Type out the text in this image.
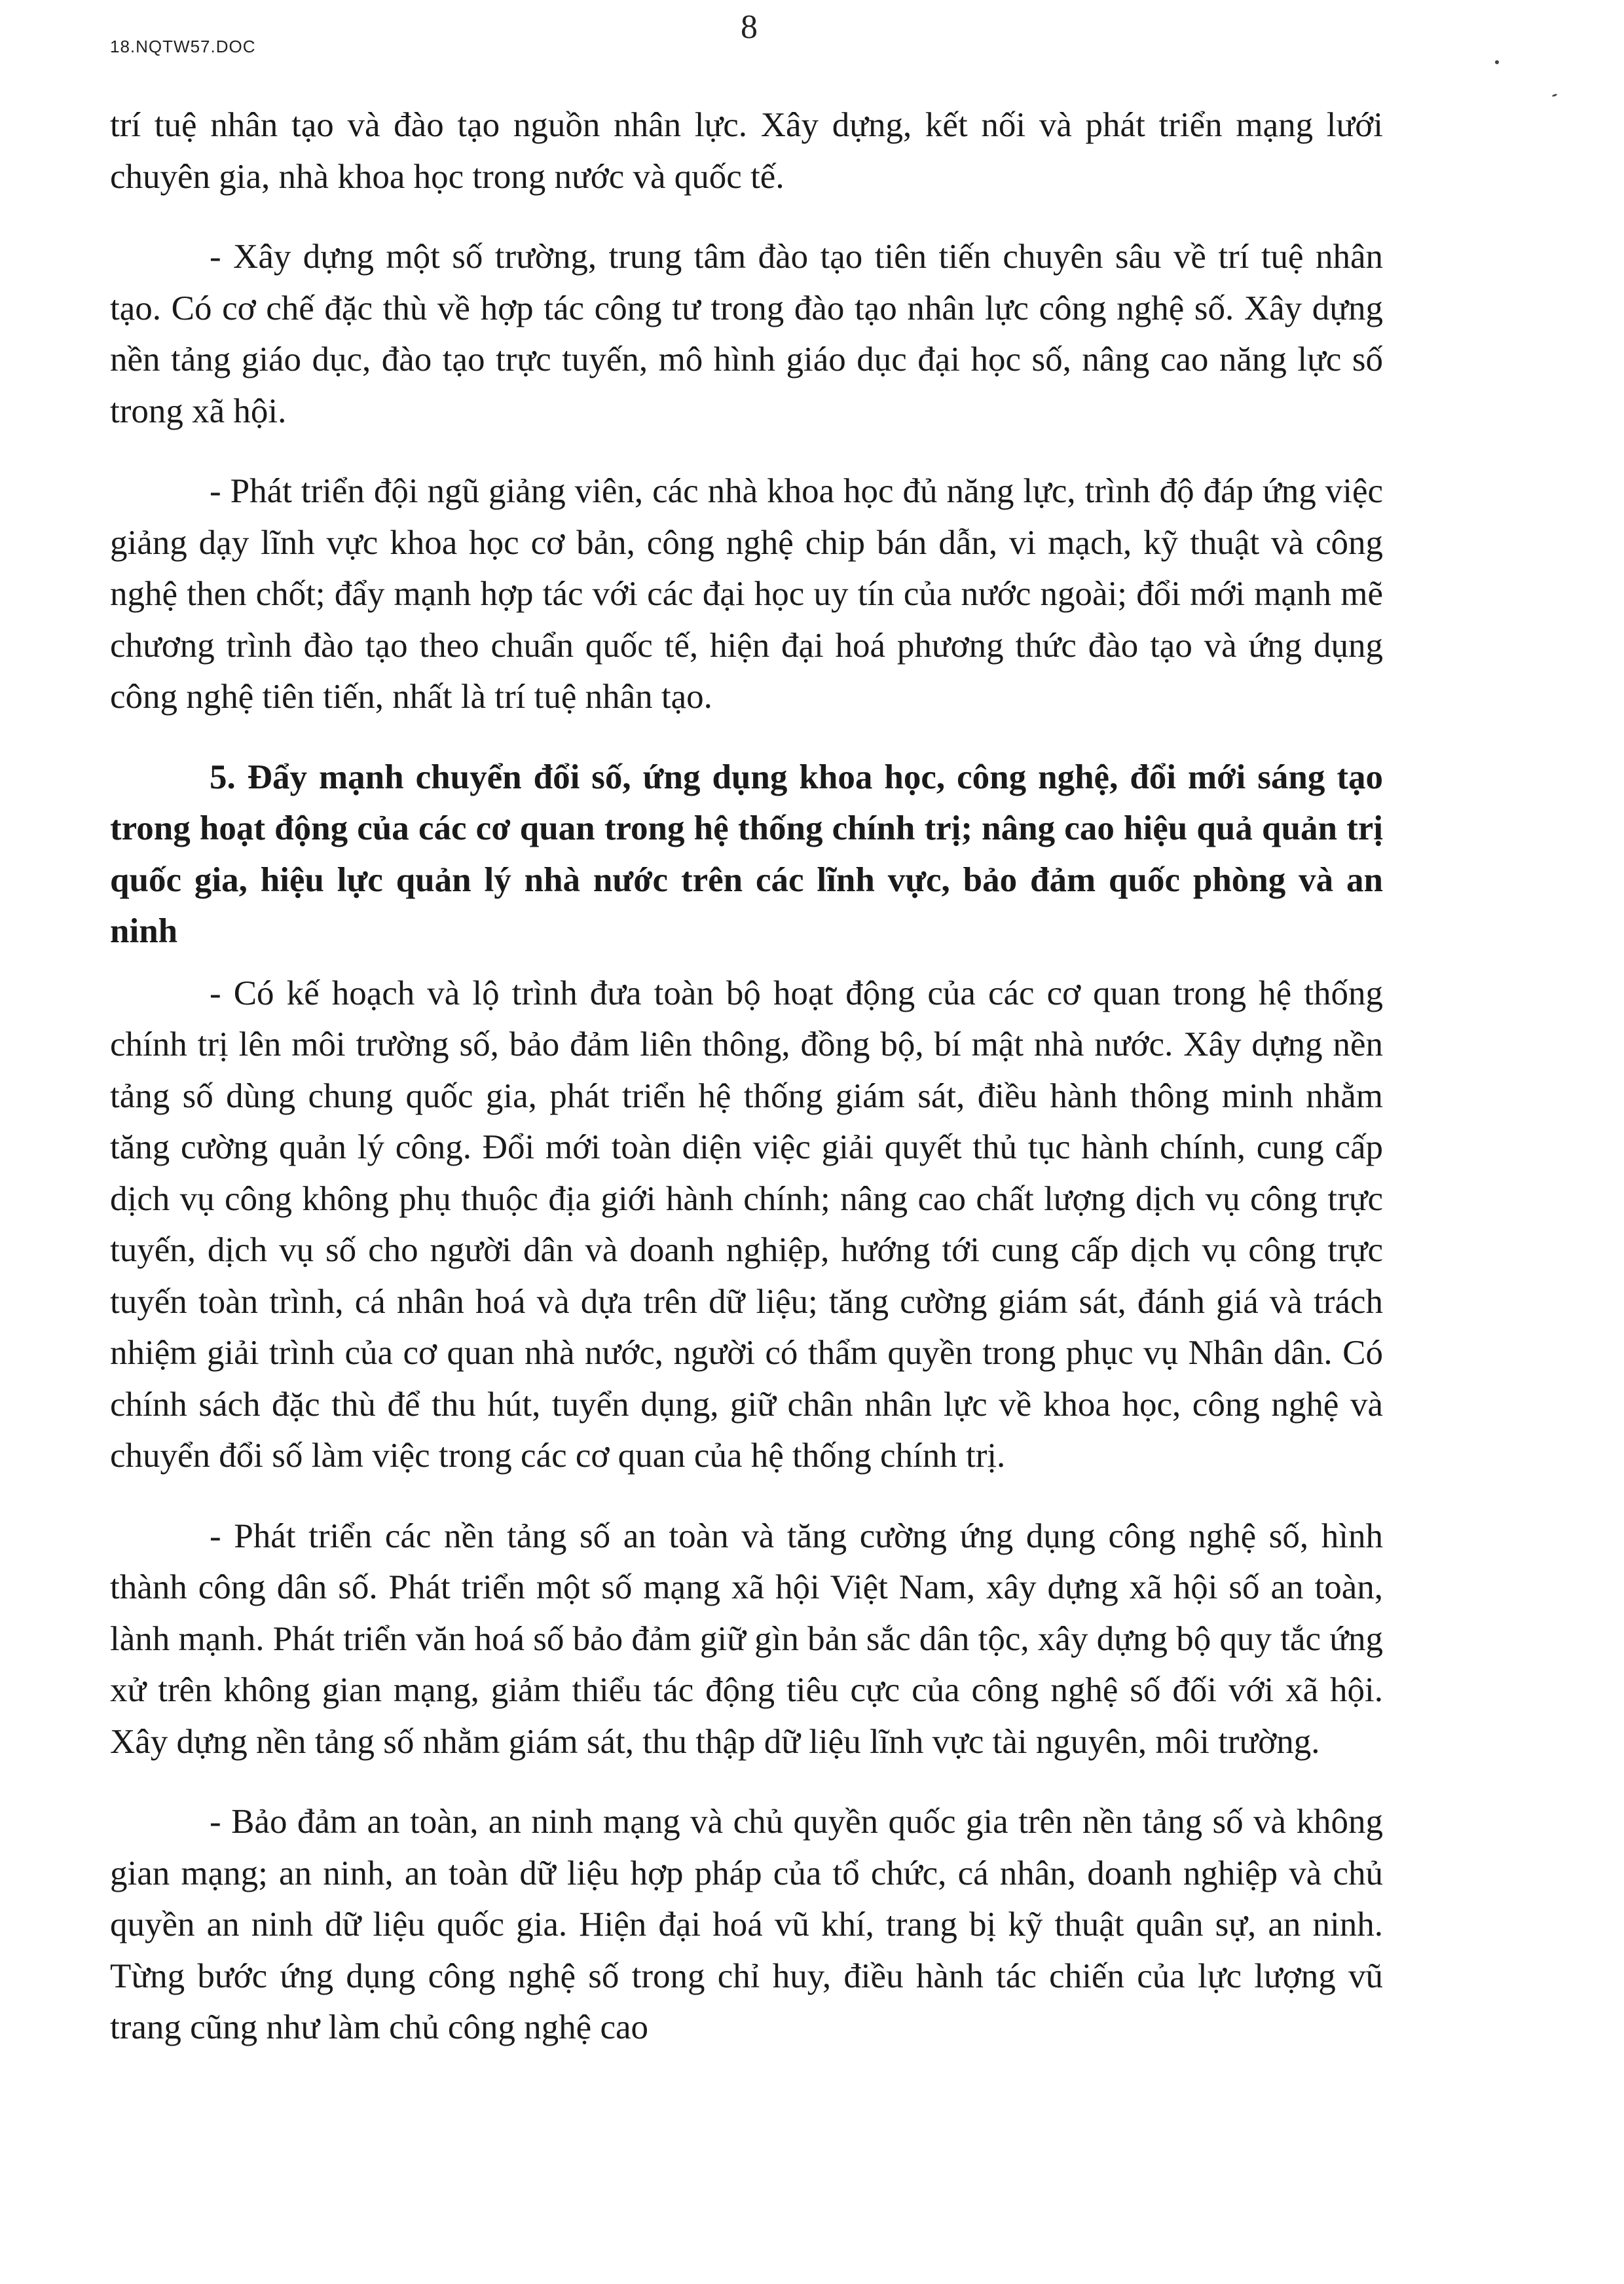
18.NQTW57.DOC
8

trí tuệ nhân tạo và đào tạo nguồn nhân lực. Xây dựng, kết nối và phát triển mạng lưới chuyên gia, nhà khoa học trong nước và quốc tế.

- Xây dựng một số trường, trung tâm đào tạo tiên tiến chuyên sâu về trí tuệ nhân tạo. Có cơ chế đặc thù về hợp tác công tư trong đào tạo nhân lực công nghệ số. Xây dựng nền tảng giáo dục, đào tạo trực tuyến, mô hình giáo dục đại học số, nâng cao năng lực số trong xã hội.

- Phát triển đội ngũ giảng viên, các nhà khoa học đủ năng lực, trình độ đáp ứng việc giảng dạy lĩnh vực khoa học cơ bản, công nghệ chip bán dẫn, vi mạch, kỹ thuật và công nghệ then chốt; đẩy mạnh hợp tác với các đại học uy tín của nước ngoài; đổi mới mạnh mẽ chương trình đào tạo theo chuẩn quốc tế, hiện đại hoá phương thức đào tạo và ứng dụng công nghệ tiên tiến, nhất là trí tuệ nhân tạo.

5. Đẩy mạnh chuyển đổi số, ứng dụng khoa học, công nghệ, đổi mới sáng tạo trong hoạt động của các cơ quan trong hệ thống chính trị; nâng cao hiệu quả quản trị quốc gia, hiệu lực quản lý nhà nước trên các lĩnh vực, bảo đảm quốc phòng và an ninh

- Có kế hoạch và lộ trình đưa toàn bộ hoạt động của các cơ quan trong hệ thống chính trị lên môi trường số, bảo đảm liên thông, đồng bộ, bí mật nhà nước. Xây dựng nền tảng số dùng chung quốc gia, phát triển hệ thống giám sát, điều hành thông minh nhằm tăng cường quản lý công. Đổi mới toàn diện việc giải quyết thủ tục hành chính, cung cấp dịch vụ công không phụ thuộc địa giới hành chính; nâng cao chất lượng dịch vụ công trực tuyến, dịch vụ số cho người dân và doanh nghiệp, hướng tới cung cấp dịch vụ công trực tuyến toàn trình, cá nhân hoá và dựa trên dữ liệu; tăng cường giám sát, đánh giá và trách nhiệm giải trình của cơ quan nhà nước, người có thẩm quyền trong phục vụ Nhân dân. Có chính sách đặc thù để thu hút, tuyển dụng, giữ chân nhân lực về khoa học, công nghệ và chuyển đổi số làm việc trong các cơ quan của hệ thống chính trị.

- Phát triển các nền tảng số an toàn và tăng cường ứng dụng công nghệ số, hình thành công dân số. Phát triển một số mạng xã hội Việt Nam, xây dựng xã hội số an toàn, lành mạnh. Phát triển văn hoá số bảo đảm giữ gìn bản sắc dân tộc, xây dựng bộ quy tắc ứng xử trên không gian mạng, giảm thiểu tác động tiêu cực của công nghệ số đối với xã hội. Xây dựng nền tảng số nhằm giám sát, thu thập dữ liệu lĩnh vực tài nguyên, môi trường.

- Bảo đảm an toàn, an ninh mạng và chủ quyền quốc gia trên nền tảng số và không gian mạng; an ninh, an toàn dữ liệu hợp pháp của tổ chức, cá nhân, doanh nghiệp và chủ quyền an ninh dữ liệu quốc gia. Hiện đại hoá vũ khí, trang bị kỹ thuật quân sự, an ninh. Từng bước ứng dụng công nghệ số trong chỉ huy, điều hành tác chiến của lực lượng vũ trang cũng như làm chủ công nghệ cao
